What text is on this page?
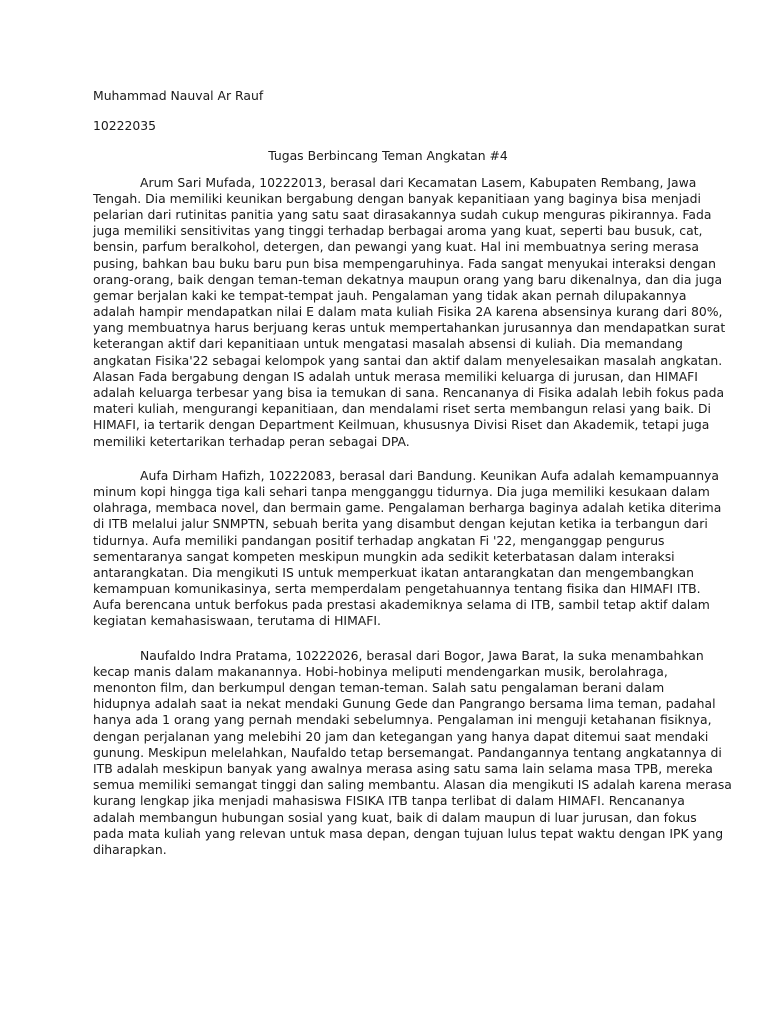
Muhammad Nauval Ar Rauf
10222035
Tugas Berbincang Teman Angkatan #4
Arum Sari Mufada, 10222013, berasal dari Kecamatan Lasem, Kabupaten Rembang, Jawa
Tengah. Dia memiliki keunikan bergabung dengan banyak kepanitiaan yang baginya bisa menjadi
pelarian dari rutinitas panitia yang satu saat dirasakannya sudah cukup menguras pikirannya. Fada
juga memiliki sensitivitas yang tinggi terhadap berbagai aroma yang kuat, seperti bau busuk, cat,
bensin, parfum beralkohol, detergen, dan pewangi yang kuat. Hal ini membuatnya sering merasa
pusing, bahkan bau buku baru pun bisa mempengaruhinya. Fada sangat menyukai interaksi dengan
orang-orang, baik dengan teman-teman dekatnya maupun orang yang baru dikenalnya, dan dia juga
gemar berjalan kaki ke tempat-tempat jauh. Pengalaman yang tidak akan pernah dilupakannya
adalah hampir mendapatkan nilai E dalam mata kuliah Fisika 2A karena absensinya kurang dari 80%,
yang membuatnya harus berjuang keras untuk mempertahankan jurusannya dan mendapatkan surat
keterangan aktif dari kepanitiaan untuk mengatasi masalah absensi di kuliah. Dia memandang
angkatan Fisika'22 sebagai kelompok yang santai dan aktif dalam menyelesaikan masalah angkatan.
Alasan Fada bergabung dengan IS adalah untuk merasa memiliki keluarga di jurusan, dan HIMAFI
adalah keluarga terbesar yang bisa ia temukan di sana. Rencananya di Fisika adalah lebih fokus pada
materi kuliah, mengurangi kepanitiaan, dan mendalami riset serta membangun relasi yang baik. Di
HIMAFI, ia tertarik dengan Department Keilmuan, khususnya Divisi Riset dan Akademik, tetapi juga
memiliki ketertarikan terhadap peran sebagai DPA.
Aufa Dirham Hafizh, 10222083, berasal dari Bandung. Keunikan Aufa adalah kemampuannya
minum kopi hingga tiga kali sehari tanpa mengganggu tidurnya. Dia juga memiliki kesukaan dalam
olahraga, membaca novel, dan bermain game. Pengalaman berharga baginya adalah ketika diterima
di ITB melalui jalur SNMPTN, sebuah berita yang disambut dengan kejutan ketika ia terbangun dari
tidurnya. Aufa memiliki pandangan positif terhadap angkatan Fi '22, menganggap pengurus
sementaranya sangat kompeten meskipun mungkin ada sedikit keterbatasan dalam interaksi
antarangkatan. Dia mengikuti IS untuk memperkuat ikatan antarangkatan dan mengembangkan
kemampuan komunikasinya, serta memperdalam pengetahuannya tentang fisika dan HIMAFI ITB.
Aufa berencana untuk berfokus pada prestasi akademiknya selama di ITB, sambil tetap aktif dalam
kegiatan kemahasiswaan, terutama di HIMAFI.
Naufaldo Indra Pratama, 10222026, berasal dari Bogor, Jawa Barat, Ia suka menambahkan
kecap manis dalam makanannya. Hobi-hobinya meliputi mendengarkan musik, berolahraga,
menonton film, dan berkumpul dengan teman-teman. Salah satu pengalaman berani dalam
hidupnya adalah saat ia nekat mendaki Gunung Gede dan Pangrango bersama lima teman, padahal
hanya ada 1 orang yang pernah mendaki sebelumnya. Pengalaman ini menguji ketahanan fisiknya,
dengan perjalanan yang melebihi 20 jam dan ketegangan yang hanya dapat ditemui saat mendaki
gunung. Meskipun melelahkan, Naufaldo tetap bersemangat. Pandangannya tentang angkatannya di
ITB adalah meskipun banyak yang awalnya merasa asing satu sama lain selama masa TPB, mereka
semua memiliki semangat tinggi dan saling membantu. Alasan dia mengikuti IS adalah karena merasa
kurang lengkap jika menjadi mahasiswa FISIKA ITB tanpa terlibat di dalam HIMAFI. Rencananya
adalah membangun hubungan sosial yang kuat, baik di dalam maupun di luar jurusan, dan fokus
pada mata kuliah yang relevan untuk masa depan, dengan tujuan lulus tepat waktu dengan IPK yang
diharapkan.
